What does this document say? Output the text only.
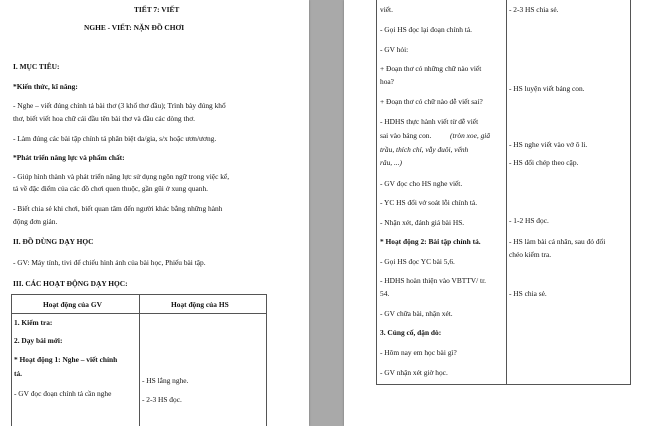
TIẾT 7: VIẾT
NGHE - VIẾT: NẶN ĐỒ CHƠI
I. MỤC TIÊU:
*Kiến thức, kĩ năng:
- Nghe – viết đúng chính tả bài thơ (3 khổ thơ đầu); Trình bày đúng khổ
thơ, biết viết hoa chữ cái đầu tên bài thơ và đầu các dòng thơ.
- Làm đúng các bài tập chính tả phân biệt da/gia, s/x hoặc ươn/ương.
*Phát triển năng lực và phẩm chất:
- Giúp hình thành và phát triển năng lực sử dụng ngôn ngữ trong việc kể,
tả về đặc điểm của các đồ chơi quen thuộc, gần gũi ở xung quanh.
- Biết chia sẻ khi chơi, biết quan tâm đến người khác bằng những hành
động đơn giản.
II. ĐỒ DÙNG DẠY HỌC
- GV: Máy tính, tivi để chiếu hình ảnh của bài học, Phiếu bài tập.
III. CÁC HOẠT ĐỘNG DẠY HỌC:
Hoạt động của GV	Hoạt động của HS
1. Kiểm tra:
2. Dạy bài mới:
* Hoạt động 1: Nghe – viết chính
tả.
- GV đọc đoạn chính tả cần nghe
- HS lắng nghe.
- 2-3 HS đọc.
viết.
- Gọi HS đọc lại đoạn chính tả.
- GV hỏi:
+ Đoạn thơ có những chữ nào viết
hoa?
+ Đoạn thơ có chữ nào dễ viết sai?
- HDHS thực hành viết từ dễ viết
sai vào bảng con.	(tròn xoe, giã
trầu, thích chí, vẫy đuôi, vểnh
râu, ...)
- GV đọc cho HS nghe viết.
- YC HS đổi vở soát lỗi chính tả.
- Nhận xét, đánh giá bài HS.
* Hoạt động 2: Bài tập chính tả.
- Gọi HS đọc YC bài 5,6.
- HDHS hoàn thiện vào VBTTV/ tr.
54.
- GV chữa bài, nhận xét.
3. Củng cố, dặn dò:
- Hôm nay em học bài gì?
- GV nhận xét giờ học.
- 2-3 HS chia sẻ.
- HS luyện viết bảng con.
- HS nghe viết vào vở ô li.
- HS đổi chép theo cặp.
- 1-2 HS đọc.
- HS làm bài cá nhân, sau đó đổi
chéo kiểm tra.
- HS chia sẻ.
